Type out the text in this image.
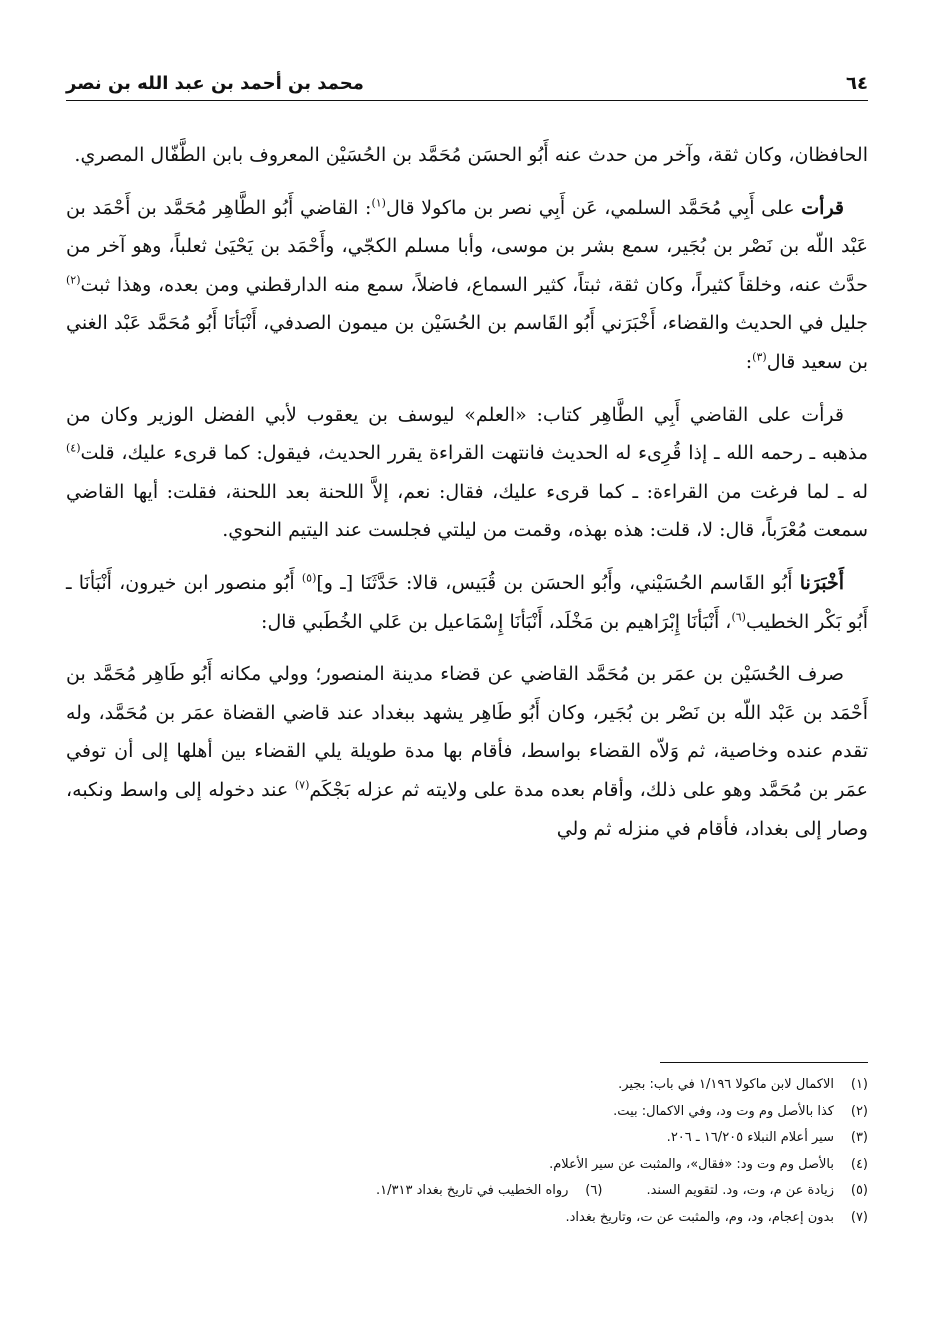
٦٤
محمد بن أحمد بن عبد الله بن نصر

الحافظان، وكان ثقة، وآخر من حدث عنه أَبُو الحسَن مُحَمَّد بن الحُسَيْن المعروف بابن الطَّفّال المصري.

قرأت على أَبِي مُحَمَّد السلمي، عَن أَبِي نصر بن ماكولا قال$^{(١)}$: القاضي أَبُو الطَّاهِر مُحَمَّد بن أَحْمَد بن عَبْد اللّه بن نَصْر بن بُجَير، سمع بشر بن موسى، وأبا مسلم الكجّي، وأَحْمَد بن يَحْيَىٰ ثعلباً، وهو آخر من حدَّث عنه، وخلقاً كثيراً، وكان ثقة، ثبتاً، كثير السماع، فاضلاً، سمع منه الدارقطني ومن بعده، وهذا ثبت$^{(٢)}$ جليل في الحديث والقضاء، أَخْبَرَني أَبُو القَاسم بن الحُسَيْن بن ميمون الصدفي، أَنْبَأنَا أَبُو مُحَمَّد عَبْد الغني بن سعيد قال$^{(٣)}$:

قرأت على القاضي أَبِي الطَّاهِر كتاب: «العلم» ليوسف بن يعقوب لأبي الفضل الوزير وكان من مذهبه ـ رحمه الله ـ إذا قُرِىء له الحديث فانتهت القراءة يقرر الحديث، فيقول: كما قرىء عليك، قلت$^{(٤)}$ له ـ لما فرغت من القراءة: ـ كما قرىء عليك، فقال: نعم، إلاَّ اللحنة بعد اللحنة، فقلت: أيها القاضي سمعت مُعْرَباً، قال: لا، قلت: هذه بهذه، وقمت من ليلتي فجلست عند اليتيم النحوي.

أَخْبَرَنا أَبُو القَاسم الحُسَيْني، وأَبُو الحسَن بن قُبَيس، قالا: حَدَّثَنَا [ـ و]$^{(٥)}$ أَبُو منصور ابن خيرون، أَنْبَأنَا ـ أَبُو بَكْر الخطيب$^{(٦)}$، أَنْبَأنَا إِبْرَاهيم بن مَخْلَد، أَنْبَأنَا إِسْمَاعيل بن عَلي الخُطَبي قال:

صرف الحُسَيْن بن عمَر بن مُحَمَّد القاضي عن قضاء مدينة المنصور؛ وولي مكانه أَبُو طَاهِر مُحَمَّد بن أَحْمَد بن عَبْد اللّه بن نَصْر بن بُجَير، وكان أَبُو طَاهِر يشهد ببغداد عند قاضي القضاة عمَر بن مُحَمَّد، وله تقدم عنده وخاصية، ثم وَلاّه القضاء بواسط، فأقام بها مدة طويلة يلي القضاء بين أهلها إلى أن توفي عمَر بن مُحَمَّد وهو على ذلك، وأقام بعده مدة على ولايته ثم عزله بَجْكَم$^{(٧)}$ عند دخوله إلى واسط ونكبه، وصار إلى بغداد، فأقام في منزله ثم ولي

(١)
الاكمال لابن ماكولا ١/١٩٦ في باب: بجير.
(٢)
كذا بالأصل وم وت ود، وفي الاكمال: بيت.
(٣)
سير أعلام النبلاء ١٦/٢٠٥ ـ ٢٠٦.
(٤)
بالأصل وم وت ود: «فقال»، والمثبت عن سير الأعلام.
(٥)
زيادة عن م، وت، ود. لتقويم السند.
(٦)
رواه الخطيب في تاريخ بغداد ١/٣١٣.
(٧)
بدون إعجام، ود، وم، والمثبت عن ت، وتاريخ بغداد.
